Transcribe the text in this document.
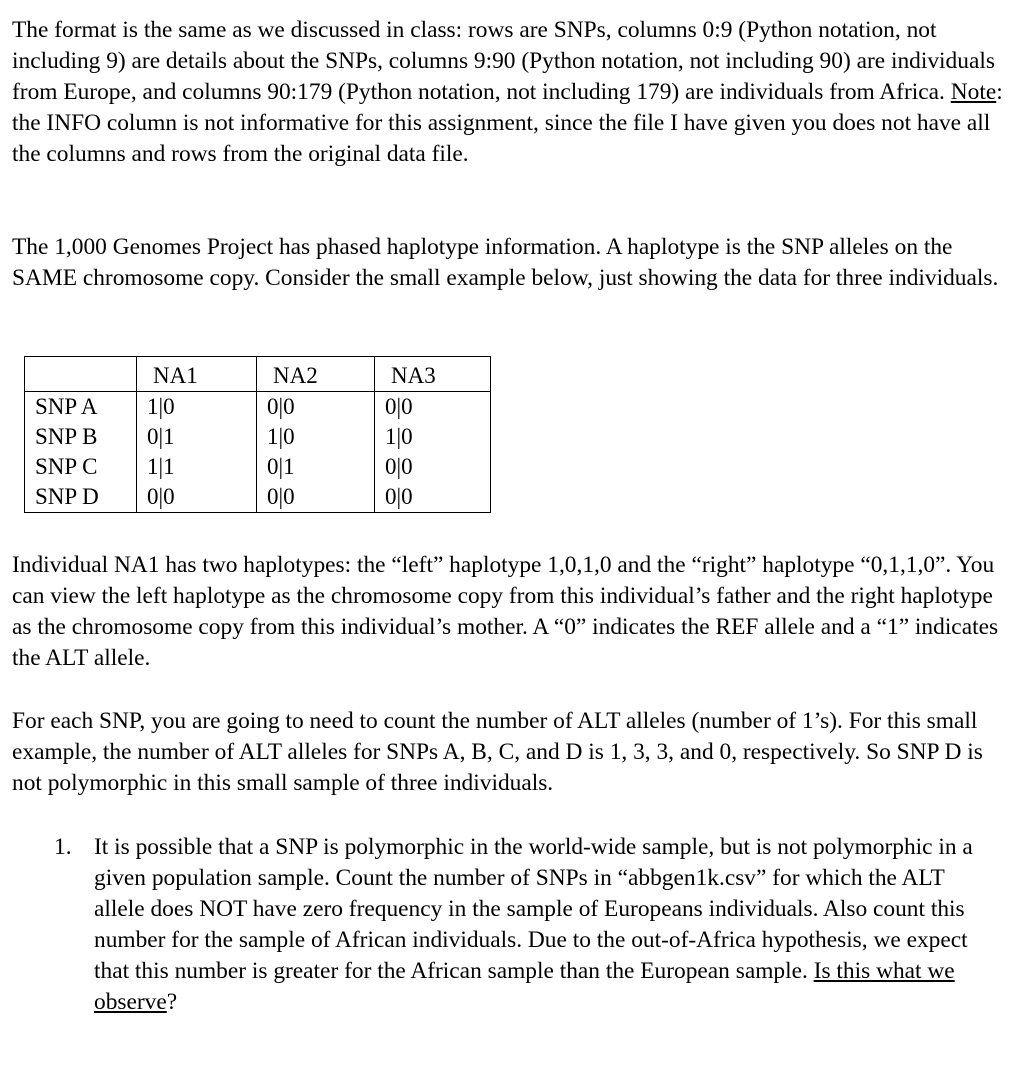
The format is the same as we discussed in class: rows are SNPs, columns 0:9 (Python notation, not including 9) are details about the SNPs, columns 9:90 (Python notation, not including 90) are individuals from Europe, and columns 90:179 (Python notation, not including 179) are individuals from Africa. Note: the INFO column is not informative for this assignment, since the file I have given you does not have all the columns and rows from the original data file.

The 1,000 Genomes Project has phased haplotype information. A haplotype is the SNP alleles on the SAME chromosome copy. Consider the small example below, just showing the data for three individuals.

	NA1	NA2	NA3
SNP A	1|0	0|0	0|0
SNP B	0|1	1|0	1|0
SNP C	1|1	0|1	0|0
SNP D	0|0	0|0	0|0

Individual NA1 has two haplotypes: the “left” haplotype 1,0,1,0 and the “right” haplotype “0,1,1,0”. You can view the left haplotype as the chromosome copy from this individual’s father and the right haplotype as the chromosome copy from this individual’s mother. A “0” indicates the REF allele and a “1” indicates the ALT allele.

For each SNP, you are going to need to count the number of ALT alleles (number of 1’s). For this small example, the number of ALT alleles for SNPs A, B, C, and D is 1, 3, 3, and 0, respectively. So SNP D is not polymorphic in this small sample of three individuals.

1. It is possible that a SNP is polymorphic in the world-wide sample, but is not polymorphic in a given population sample. Count the number of SNPs in “abbgen1k.csv” for which the ALT allele does NOT have zero frequency in the sample of Europeans individuals. Also count this number for the sample of African individuals. Due to the out-of-Africa hypothesis, we expect that this number is greater for the African sample than the European sample. Is this what we observe?
